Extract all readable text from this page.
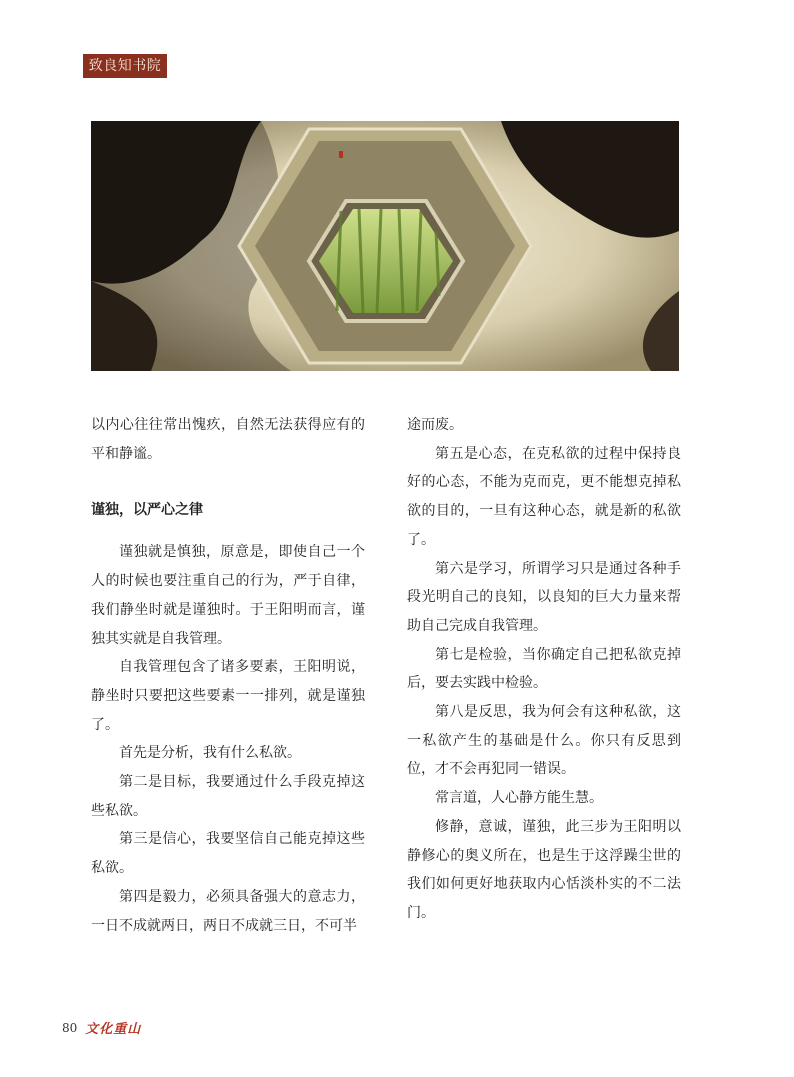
致良知书院

以内心往往常出愧疚，自然无法获得应有的平和静谧。

谨独，以严心之律

谨独就是慎独，原意是，即使自己一个人的时候也要注重自己的行为，严于自律，我们静坐时就是谨独时。于王阳明而言，谨独其实就是自我管理。

自我管理包含了诸多要素，王阳明说，静坐时只要把这些要素一一排列，就是谨独了。

首先是分析，我有什么私欲。

第二是目标，我要通过什么手段克掉这些私欲。

第三是信心，我要坚信自己能克掉这些私欲。

第四是毅力，必须具备强大的意志力，一日不成就两日，两日不成就三日，不可半

途而废。

第五是心态，在克私欲的过程中保持良好的心态，不能为克而克，更不能想克掉私欲的目的，一旦有这种心态，就是新的私欲了。

第六是学习，所谓学习只是通过各种手段光明自己的良知，以良知的巨大力量来帮助自己完成自我管理。

第七是检验，当你确定自己把私欲克掉后，要去实践中检验。

第八是反思，我为何会有这种私欲，这一私欲产生的基础是什么。你只有反思到位，才不会再犯同一错误。

常言道，人心静方能生慧。

修静，意诚，谨独，此三步为王阳明以静修心的奥义所在，也是生于这浮躁尘世的我们如何更好地获取内心恬淡朴实的不二法门。

80 文化重山
